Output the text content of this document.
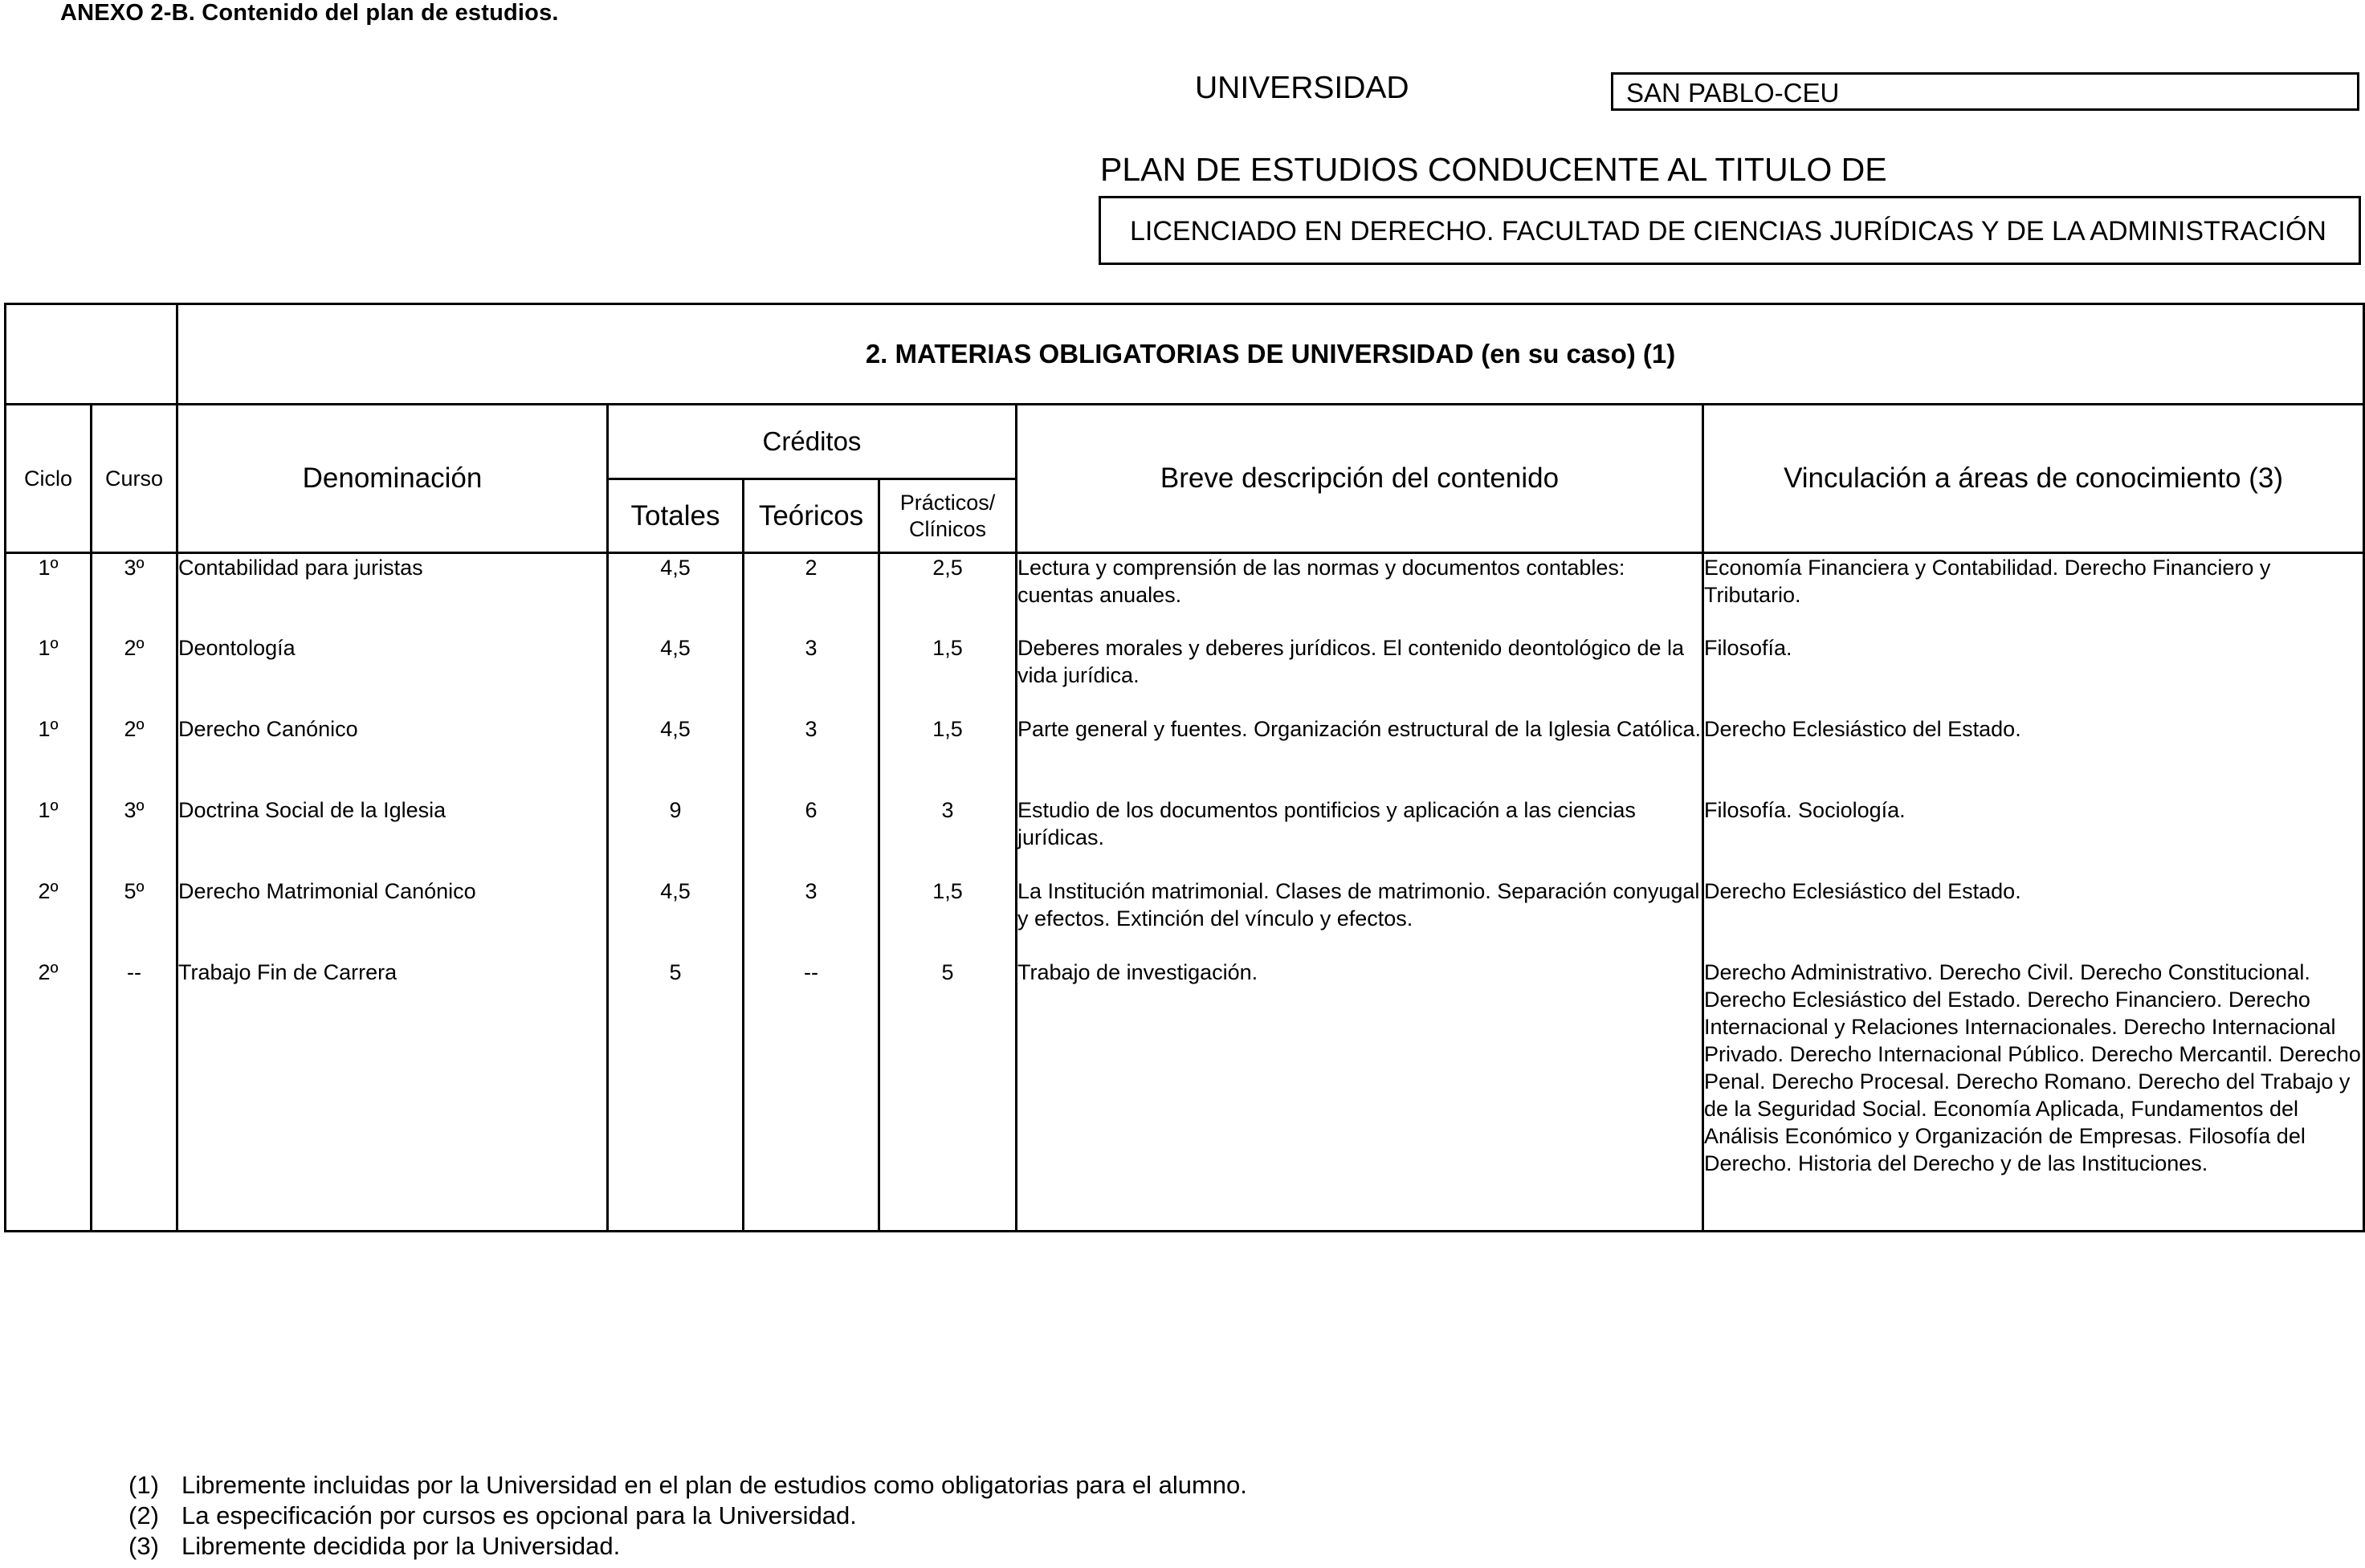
ANEXO 2-B. Contenido del plan de estudios.
UNIVERSIDAD	SAN PABLO-CEU
PLAN DE ESTUDIOS CONDUCENTE AL TITULO DE
LICENCIADO EN DERECHO. FACULTAD DE CIENCIAS JURÍDICAS Y DE LA ADMINISTRACIÓN
		2. MATERIAS OBLIGATORIAS DE UNIVERSIDAD (en su caso) (1)					
Ciclo	Curso	Denominación	Créditos			Breve descripción del contenido	Vinculación a áreas de conocimiento (3)
			Totales	Teóricos	Prácticos/
Clínicos		

1º	3º	Contabilidad para juristas	4,5	2	2,5	Lectura y comprensión de las normas y documentos contables: cuentas anuales.	Economía Financiera y Contabilidad. Derecho Financiero y Tributario.
1º	2º	Deontología	4,5	3	1,5	Deberes morales y deberes jurídicos. El contenido deontológico de la vida jurídica.	Filosofía.
1º	2º	Derecho Canónico	4,5	3	1,5	Parte general y fuentes. Organización estructural de la Iglesia Católica.	Derecho Eclesiástico del Estado.
1º	3º	Doctrina Social de la Iglesia	9	6	3	Estudio de los documentos pontificios y aplicación a las ciencias jurídicas.	Filosofía. Sociología.
2º	5º	Derecho Matrimonial Canónico	4,5	3	1,5	La Institución matrimonial. Clases de matrimonio. Separación conyugal y efectos. Extinción del vínculo y efectos.	Derecho Eclesiástico del Estado.
2º	--	Trabajo Fin de Carrera	5	--	5	Trabajo de investigación.	Derecho Administrativo. Derecho Civil. Derecho Constitucional. Derecho Eclesiástico del Estado. Derecho Financiero. Derecho Internacional y Relaciones Internacionales. Derecho Internacional Privado. Derecho Internacional Público. Derecho Mercantil. Derecho Penal. Derecho Procesal. Derecho Romano. Derecho del Trabajo y de la Seguridad Social. Economía Aplicada, Fundamentos del Análisis Económico y Organización de Empresas. Filosofía del Derecho. Historia del Derecho y de las Instituciones.
(1) Libremente incluidas por la Universidad en el plan de estudios como obligatorias para el alumno.
(2) La especificación por cursos es opcional para la Universidad.
(3) Libremente decidida por la Universidad.
